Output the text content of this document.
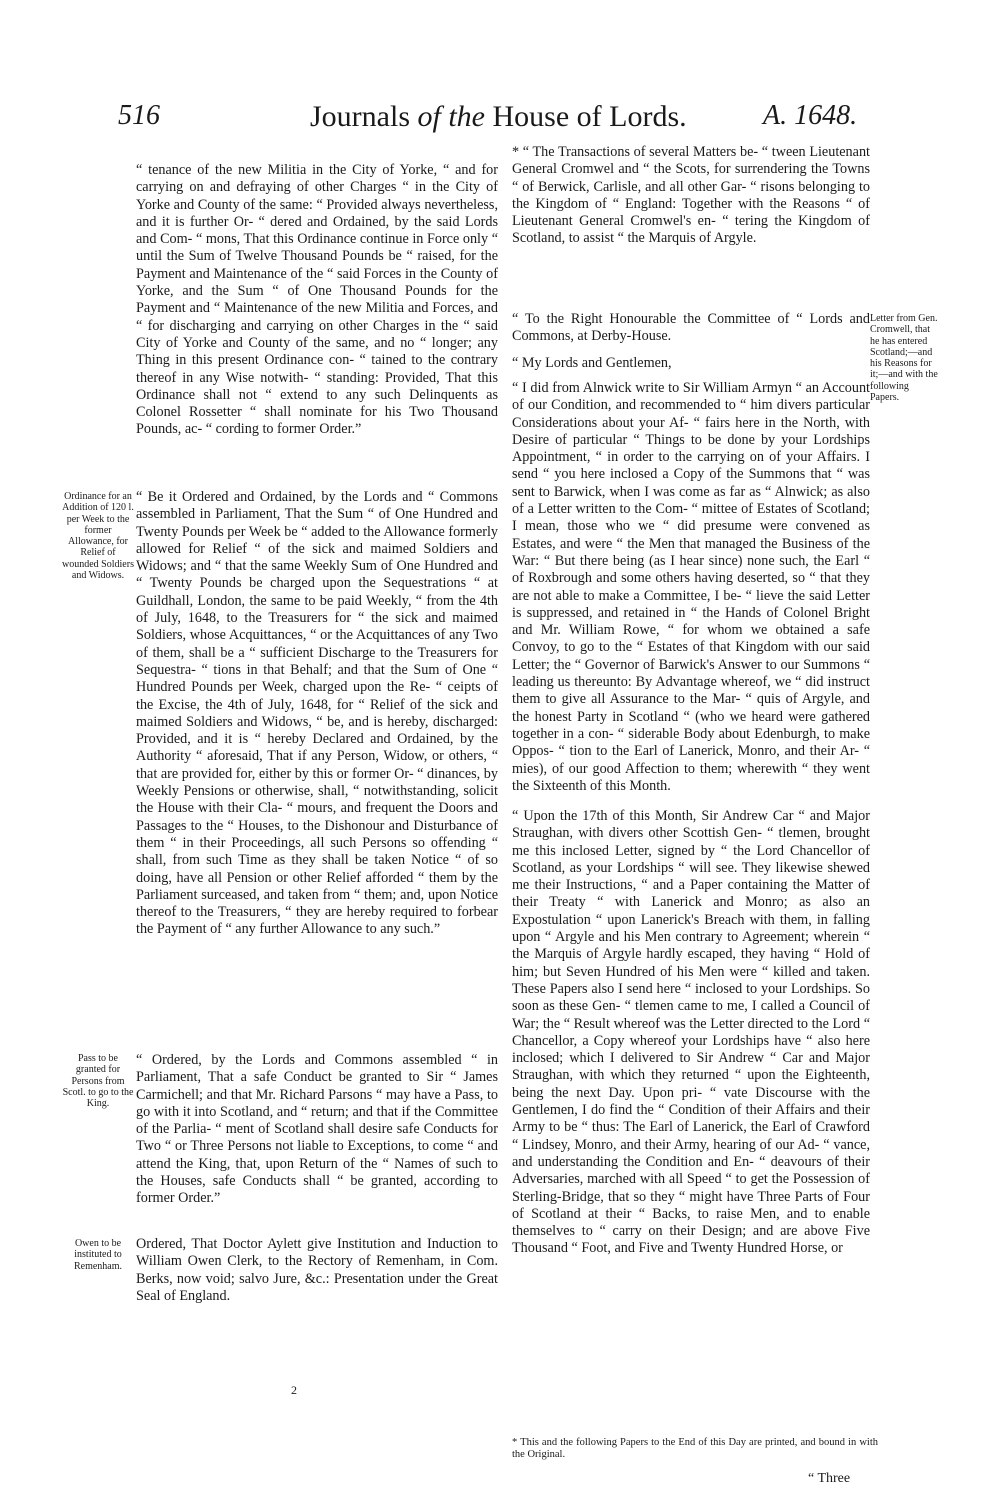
516	Journals of the House of Lords.	A. 1648.

“ tenance of the new Militia in the City of Yorke, “ and for carrying on and defraying of other Charges “ in the City of Yorke and County of the same: “ Provided always nevertheless, and it is further Or- “ dered and Ordained, by the said Lords and Com- “ mons, That this Ordinance continue in Force only “ until the Sum of Twelve Thousand Pounds be “ raised, for the Payment and Maintenance of the “ said Forces in the County of Yorke, and the Sum “ of One Thousand Pounds for the Payment and “ Maintenance of the new Militia and Forces, and “ for discharging and carrying on other Charges in the “ said City of Yorke and County of the same, and no “ longer; any Thing in this present Ordinance con- “ tained to the contrary thereof in any Wise notwith- “ standing: Provided, That this Ordinance shall not “ extend to any such Delinquents as Colonel Rossetter “ shall nominate for his Two Thousand Pounds, ac- “ cording to former Order.”

“ Be it Ordered and Ordained, by the Lords and “ Commons assembled in Parliament, That the Sum “ of One Hundred and Twenty Pounds per Week be “ added to the Allowance formerly allowed for Relief “ of the sick and maimed Soldiers and Widows; and “ that the same Weekly Sum of One Hundred and “ Twenty Pounds be charged upon the Sequestrations “ at Guildhall, London, the same to be paid Weekly, “ from the 4th of July, 1648, to the Treasurers for “ the sick and maimed Soldiers, whose Acquittances, “ or the Acquittances of any Two of them, shall be a “ sufficient Discharge to the Treasurers for Sequestra- “ tions in that Behalf; and that the Sum of One “ Hundred Pounds per Week, charged upon the Re- “ ceipts of the Excise, the 4th of July, 1648, for “ Relief of the sick and maimed Soldiers and Widows, “ be, and is hereby, discharged: Provided, and it is “ hereby Declared and Ordained, by the Authority “ aforesaid, That if any Person, Widow, or others, “ that are provided for, either by this or former Or- “ dinances, by Weekly Pensions or otherwise, shall, “ notwithstanding, solicit the House with their Cla- “ mours, and frequent the Doors and Passages to the “ Houses, to the Dishonour and Disturbance of them “ in their Proceedings, all such Persons so offending “ shall, from such Time as they shall be taken Notice “ of so doing, have all Pension or other Relief afforded “ them by the Parliament surceased, and taken from “ them; and, upon Notice thereof to the Treasurers, “ they are hereby required to forbear the Payment of “ any further Allowance to any such.”

“ Ordered, by the Lords and Commons assembled “ in Parliament, That a safe Conduct be granted to Sir “ James Carmichell; and that Mr. Richard Parsons “ may have a Pass, to go with it into Scotland, and “ return; and that if the Committee of the Parlia- “ ment of Scotland shall desire safe Conducts for Two “ or Three Persons not liable to Exceptions, to come “ and attend the King, that, upon Return of the “ Names of such to the Houses, safe Conducts shall “ be granted, according to former Order.”

Ordered, That Doctor Aylett give Institution and Induction to William Owen Clerk, to the Rectory of Remenham, in Com. Berks, now void; salvo Jure, &c.: Presentation under the Great Seal of England.

Ordinance for an Addition of 120 l. per Week to the former Allowance, for Relief of wounded Soldiers and Widows.
Pass to be granted for Persons from Scotl. to go to the King.
Owen to be instituted to Remenham.

* “ The Transactions of several Matters be- “ tween Lieutenant General Cromwel and “ the Scots, for surrendering the Towns “ of Berwick, Carlisle, and all other Gar- “ risons belonging to the Kingdom of “ England: Together with the Reasons “ of Lieutenant General Cromwel's en- “ tering the Kingdom of Scotland, to assist “ the Marquis of Argyle.

“ To the Right Honourable the Committee of “ Lords and Commons, at Derby-House.

“ My Lords and Gentlemen,

“ I did from Alnwick write to Sir William Armyn “ an Account of our Condition, and recommended to “ him divers particular Considerations about your Af- “ fairs here in the North, with Desire of particular “ Things to be done by your Lordships Appointment, “ in order to the carrying on of your Affairs. I send “ you here inclosed a Copy of the Summons that “ was sent to Barwick, when I was come as far as “ Alnwick; as also of a Letter written to the Com- “ mittee of Estates of Scotland; I mean, those who we “ did presume were convened as Estates, and were “ the Men that managed the Business of the War: “ But there being (as I hear since) none such, the Earl “ of Roxbrough and some others having deserted, so “ that they are not able to make a Committee, I be- “ lieve the said Letter is suppressed, and retained in “ the Hands of Colonel Bright and Mr. William Rowe, “ for whom we obtained a safe Convoy, to go to the “ Estates of that Kingdom with our said Letter; the “ Governor of Barwick's Answer to our Summons “ leading us thereunto: By Advantage whereof, we “ did instruct them to give all Assurance to the Mar- “ quis of Argyle, and the honest Party in Scotland “ (who we heard were gathered together in a con- “ siderable Body about Edenburgh, to make Oppos- “ tion to the Earl of Lanerick, Monro, and their Ar- “ mies), of our good Affection to them; wherewith “ they went the Sixteenth of this Month.

“ Upon the 17th of this Month, Sir Andrew Car “ and Major Straughan, with divers other Scottish Gen- “ tlemen, brought me this inclosed Letter, signed by “ the Lord Chancellor of Scotland, as your Lordships “ will see. They likewise shewed me their Instructions, “ and a Paper containing the Matter of their Treaty “ with Lanerick and Monro; as also an Expostulation “ upon Lanerick's Breach with them, in falling upon “ Argyle and his Men contrary to Agreement; wherein “ the Marquis of Argyle hardly escaped, they having “ Hold of him; but Seven Hundred of his Men were “ killed and taken. These Papers also I send here “ inclosed to your Lordships. So soon as these Gen- “ tlemen came to me, I called a Council of War; the “ Result whereof was the Letter directed to the Lord “ Chancellor, a Copy whereof your Lordships have “ also here inclosed; which I delivered to Sir Andrew “ Car and Major Straughan, with which they returned “ upon the Eighteenth, being the next Day. Upon pri- “ vate Discourse with the Gentlemen, I do find the “ Condition of their Affairs and their Army to be “ thus: The Earl of Lanerick, the Earl of Crawford “ Lindsey, Monro, and their Army, hearing of our Ad- “ vance, and understanding the Condition and En- “ deavours of their Adversaries, marched with all Speed “ to get the Possession of Sterling-Bridge, that so they “ might have Three Parts of Four of Scotland at their “ Backs, to raise Men, and to enable themselves to “ carry on their Design; and are above Five Thousand “ Foot, and Five and Twenty Hundred Horse, or

Letter from Gen. Cromwell, that he has entered Scotland;—and his Reasons for it;—and with the following Papers.
2
* This and the following Papers to the End of this Day are printed, and bound in with the Original.
“ Three
